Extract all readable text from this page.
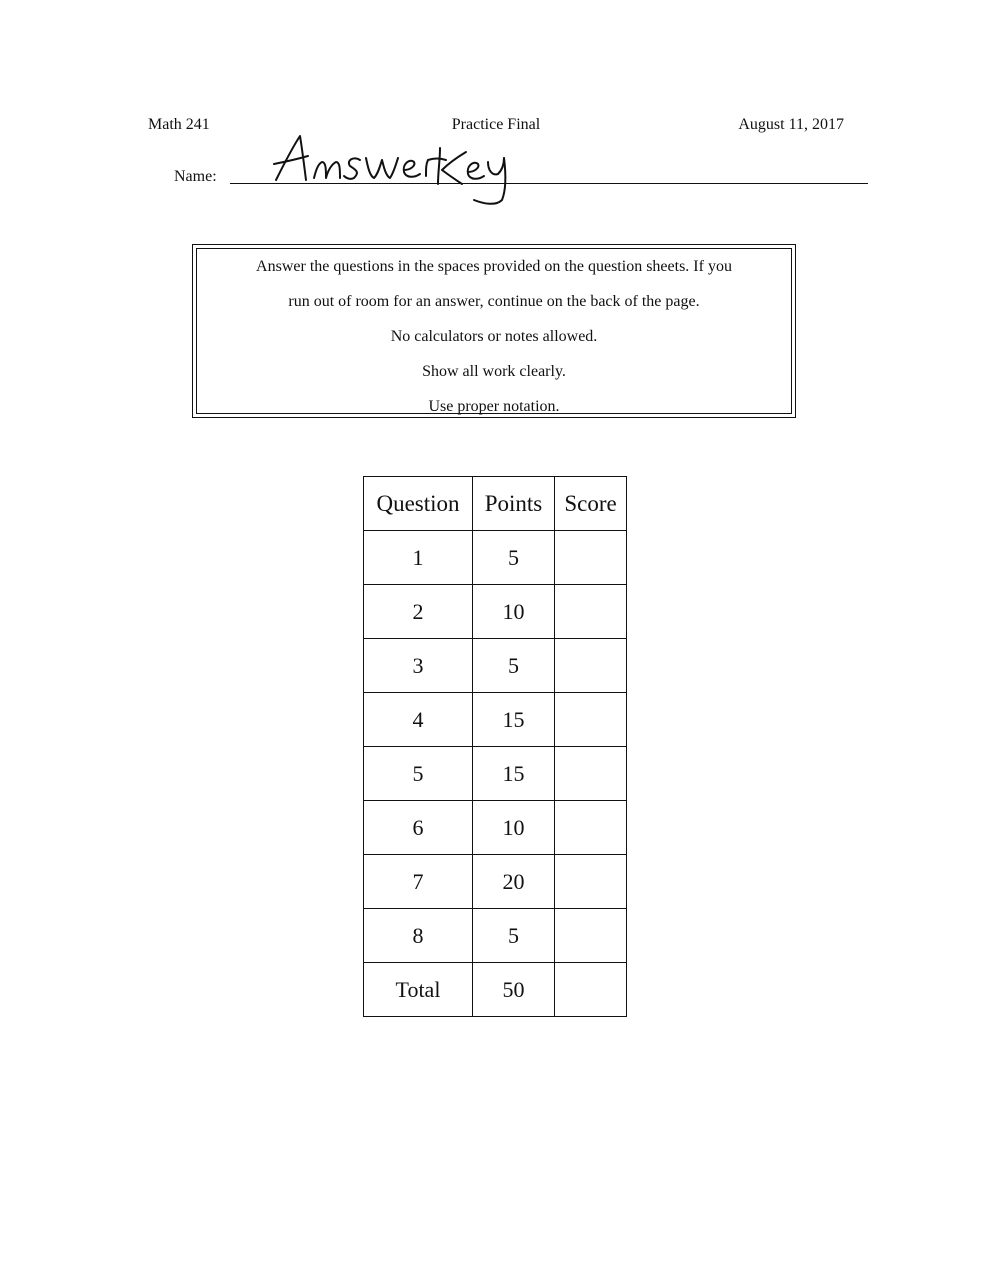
Math 241	Practice Final	August 11, 2017
Name:
Answer the questions in the spaces provided on the question sheets. If you
run out of room for an answer, continue on the back of the page.
No calculators or notes allowed.
Show all work clearly.
Use proper notation.
Question	Points	Score
1	5	
2	10	
3	5	
4	15	
5	15	
6	10	
7	20	
8	5	
Total	50	
